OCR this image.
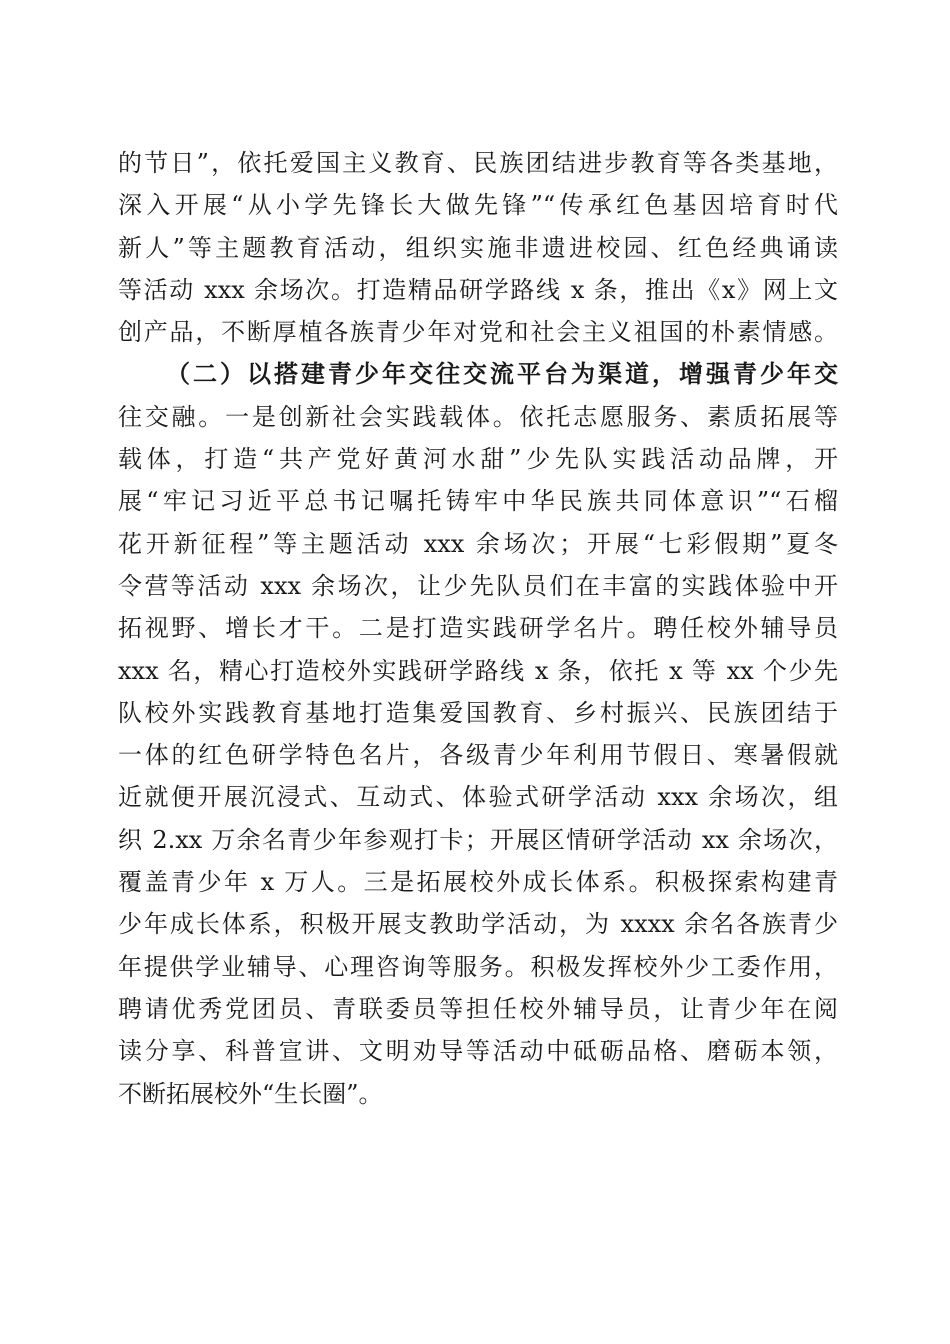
的节日”，依托爱国主义教育、民族团结进步教育等各类基地，
深入开展“从小学先锋长大做先锋”“传承红色基因培育时代
新人”等主题教育活动，组织实施非遗进校园、红色经典诵读
等活动 xxx 余场次。打造精品研学路线 x 条，推出《x》网上文
创产品，不断厚植各族青少年对党和社会主义祖国的朴素情感。
（二）以搭建青少年交往交流平台为渠道，增强青少年交
往交融。一是创新社会实践载体。依托志愿服务、素质拓展等
载体，打造“共产党好黄河水甜”少先队实践活动品牌，开
展“牢记习近平总书记嘱托铸牢中华民族共同体意识”“石榴
花开新征程”等主题活动 xxx 余场次；开展“七彩假期”夏冬
令营等活动 xxx 余场次，让少先队员们在丰富的实践体验中开
拓视野、增长才干。二是打造实践研学名片。聘任校外辅导员
xxx 名，精心打造校外实践研学路线 x 条，依托 x 等 xx 个少先
队校外实践教育基地打造集爱国教育、乡村振兴、民族团结于
一体的红色研学特色名片，各级青少年利用节假日、寒暑假就
近就便开展沉浸式、互动式、体验式研学活动 xxx 余场次，组
织 2.xx 万余名青少年参观打卡；开展区情研学活动 xx 余场次，
覆盖青少年 x 万人。三是拓展校外成长体系。积极探索构建青
少年成长体系，积极开展支教助学活动，为 xxxx 余名各族青少
年提供学业辅导、心理咨询等服务。积极发挥校外少工委作用，
聘请优秀党团员、青联委员等担任校外辅导员，让青少年在阅
读分享、科普宣讲、文明劝导等活动中砥砺品格、磨砺本领，
不断拓展校外“生长圈”。
